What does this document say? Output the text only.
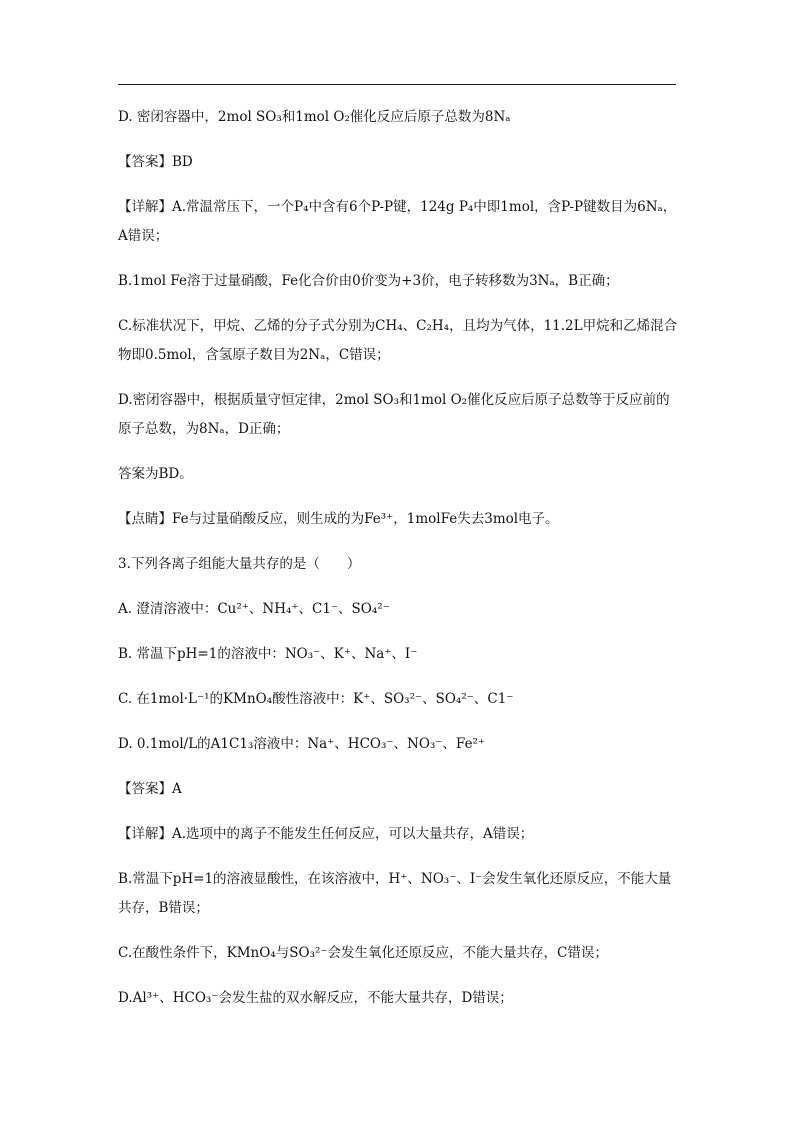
D. 密闭容器中，2mol SO₃和1mol O₂催化反应后原子总数为8Nₐ

【答案】BD

【详解】A.常温常压下，一个P₄中含有6个P-P键，124g P₄中即1mol，含P-P键数目为6Nₐ，A错误；

B.1mol Fe溶于过量硝酸，Fe化合价由0价变为+3价，电子转移数为3Nₐ，B正确；

C.标准状况下，甲烷、乙烯的分子式分别为CH₄、C₂H₄，且均为气体，11.2L甲烷和乙烯混合物即0.5mol，含氢原子数目为2Nₐ，C错误；

D.密闭容器中，根据质量守恒定律，2mol SO₃和1mol O₂催化反应后原子总数等于反应前的原子总数，为8Nₐ，D正确；

答案为BD。

【点睛】Fe与过量硝酸反应，则生成的为Fe³⁺，1molFe失去3mol电子。

3.下列各离子组能大量共存的是（　　）

A. 澄清溶液中：Cu²⁺、NH₄⁺、C1⁻、SO₄²⁻

B. 常温下pH=1的溶液中：NO₃⁻、K⁺、Na⁺、I⁻

C. 在1mol·L⁻¹的KMnO₄酸性溶液中：K⁺、SO₃²⁻、SO₄²⁻、C1⁻

D. 0.1mol/L的A1C1₃溶液中：Na⁺、HCO₃⁻、NO₃⁻、Fe²⁺

【答案】A

【详解】A.选项中的离子不能发生任何反应，可以大量共存，A错误；

B.常温下pH=1的溶液显酸性，在该溶液中，H⁺、NO₃⁻、I⁻会发生氧化还原反应，不能大量共存，B错误；

C.在酸性条件下，KMnO₄与SO₃²⁻会发生氧化还原反应，不能大量共存，C错误；

D.Al³⁺、HCO₃⁻会发生盐的双水解反应，不能大量共存，D错误；
